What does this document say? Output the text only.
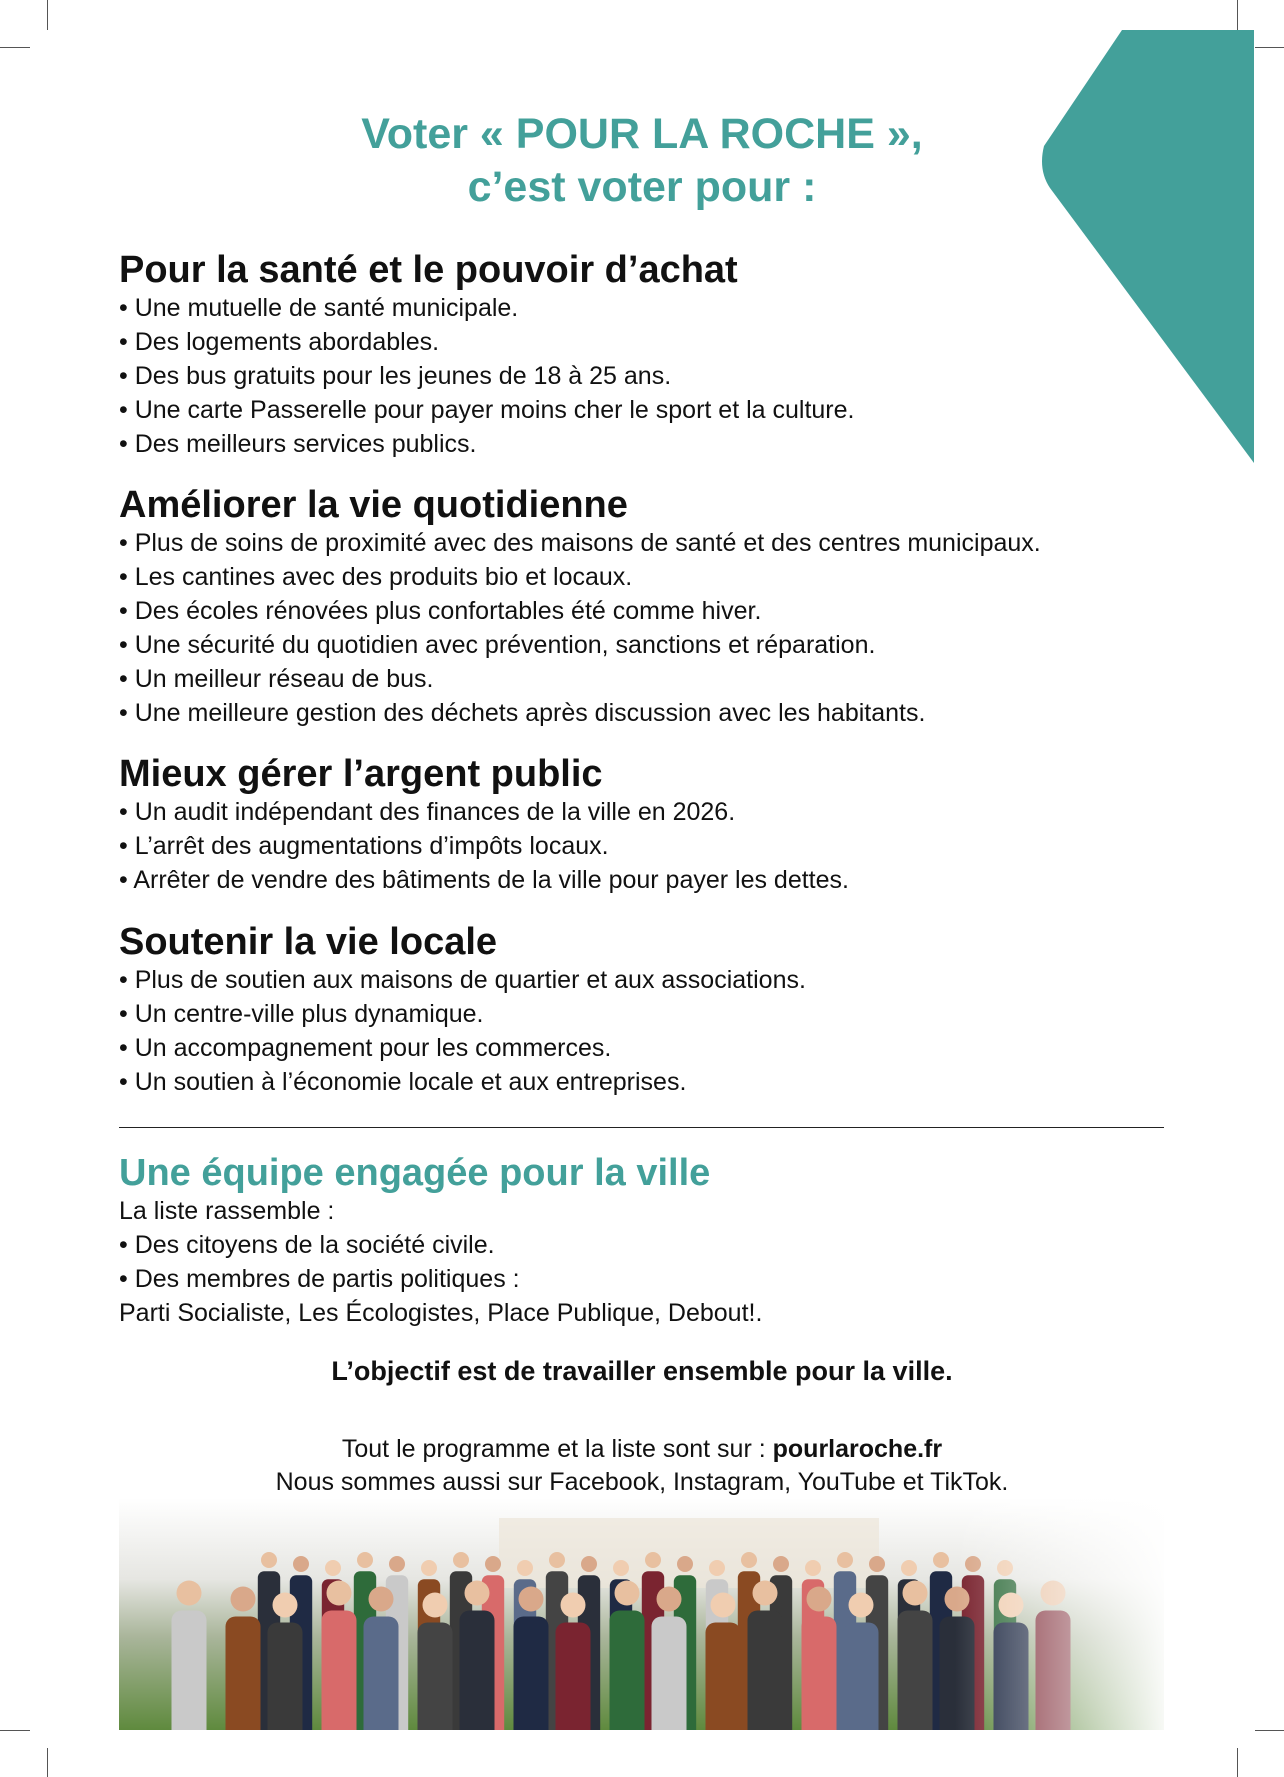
Voter « POUR LA ROCHE »,
c’est voter pour :
Pour la santé et le pouvoir d’achat
• Une mutuelle de santé municipale.
• Des logements abordables.
• Des bus gratuits pour les jeunes de 18 à 25 ans.
• Une carte Passerelle pour payer moins cher le sport et la culture.
• Des meilleurs services publics.
Améliorer la vie quotidienne
• Plus de soins de proximité avec des maisons de santé et des centres municipaux.
• Les cantines avec des produits bio et locaux.
• Des écoles rénovées plus confortables été comme hiver.
• Une sécurité du quotidien avec prévention, sanctions et réparation.
• Un meilleur réseau de bus.
• Une meilleure gestion des déchets après discussion avec les habitants.
Mieux gérer l’argent public
• Un audit indépendant des finances de la ville en 2026.
• L’arrêt des augmentations d’impôts locaux.
• Arrêter de vendre des bâtiments de la ville pour payer les dettes.
Soutenir la vie locale
• Plus de soutien aux maisons de quartier et aux associations.
• Un centre-ville plus dynamique.
• Un accompagnement pour les commerces.
• Un soutien à l’économie locale et aux entreprises.
Une équipe engagée pour la ville
La liste rassemble :
• Des citoyens de la société civile.
• Des membres de partis politiques :
Parti Socialiste, Les Écologistes, Place Publique, Debout!.
L’objectif est de travailler ensemble pour la ville.
Tout le programme et la liste sont sur : pourlaroche.fr
Nous sommes aussi sur Facebook, Instagram, YouTube et TikTok.
